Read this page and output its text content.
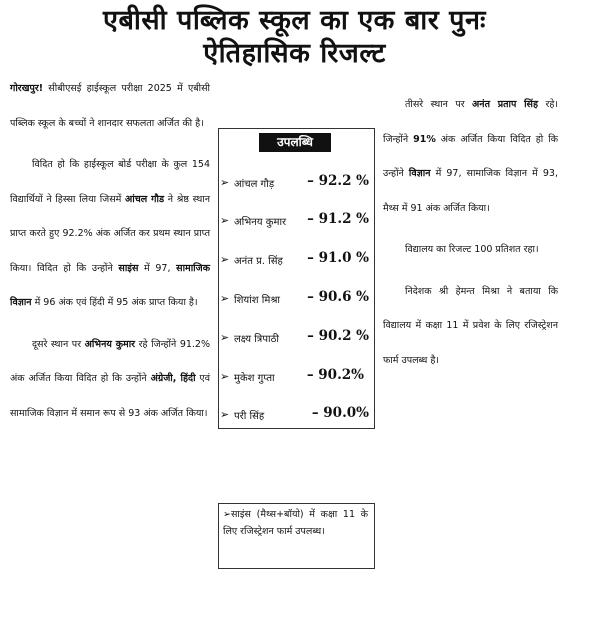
एबीसी पब्लिक स्कूल का एक बार पुनः
ऐतिहासिक रिजल्ट

गोरखपुर! सीबीएसई हाईस्कूल परीक्षा 2025 में एबीसी पब्लिक स्कूल के बच्चों ने शानदार सफलता अर्जित की है।

विदित हो कि हाईस्कूल बोर्ड परीक्षा के कुल 154 विद्यार्थियों ने हिस्सा लिया जिसमें आंचल गौड ने श्रेष्ठ स्थान प्राप्त करते हुए 92.2% अंक अर्जित कर प्रथम स्थान प्राप्त किया। विदित हो कि उन्होंने साइंस में 97, सामाजिक विज्ञान में 96 अंक एवं हिंदी में 95 अंक प्राप्त किया है।

दूसरे स्थान पर अभिनय कुमार रहे जिन्होंने 91.2% अंक अर्जित किया विदित हो कि उन्होंने अंग्रेजी, हिंदी एवं सामाजिक विज्ञान में समान रूप से 93 अंक अर्जित किया।

उपलब्धि
➢ आंचल गौड़ – 92.2 %
➢ अभिनय कुमार – 91.2 %
➢ अनंत प्र. सिंह – 91.0 %
➢ शियांश मिश्रा – 90.6 %
➢ लक्ष्य त्रिपाठी – 90.2 %
➢ मुकेश गुप्ता – 90.2%
➢ परी सिंह	– 90.0%
➢साइंस (मैथ्स+बॉयो) में कक्षा 11 के लिए रजिस्ट्रेशन फार्म उपलब्ध।

तीसरे स्थान पर अनंत प्रताप सिंह रहे। जिन्होंने 91% अंक अर्जित किया विदित हो कि उन्होंने विज्ञान में 97, सामाजिक विज्ञान में 93, मैथ्स में 91 अंक अर्जित किया।

विद्यालय का रिजल्ट 100 प्रतिशत रहा।

निदेशक श्री हेमन्त मिश्रा ने बताया कि विद्यालय में कक्षा 11 में प्रवेश के लिए रजिस्ट्रेशन फार्म उपलब्ध है।
